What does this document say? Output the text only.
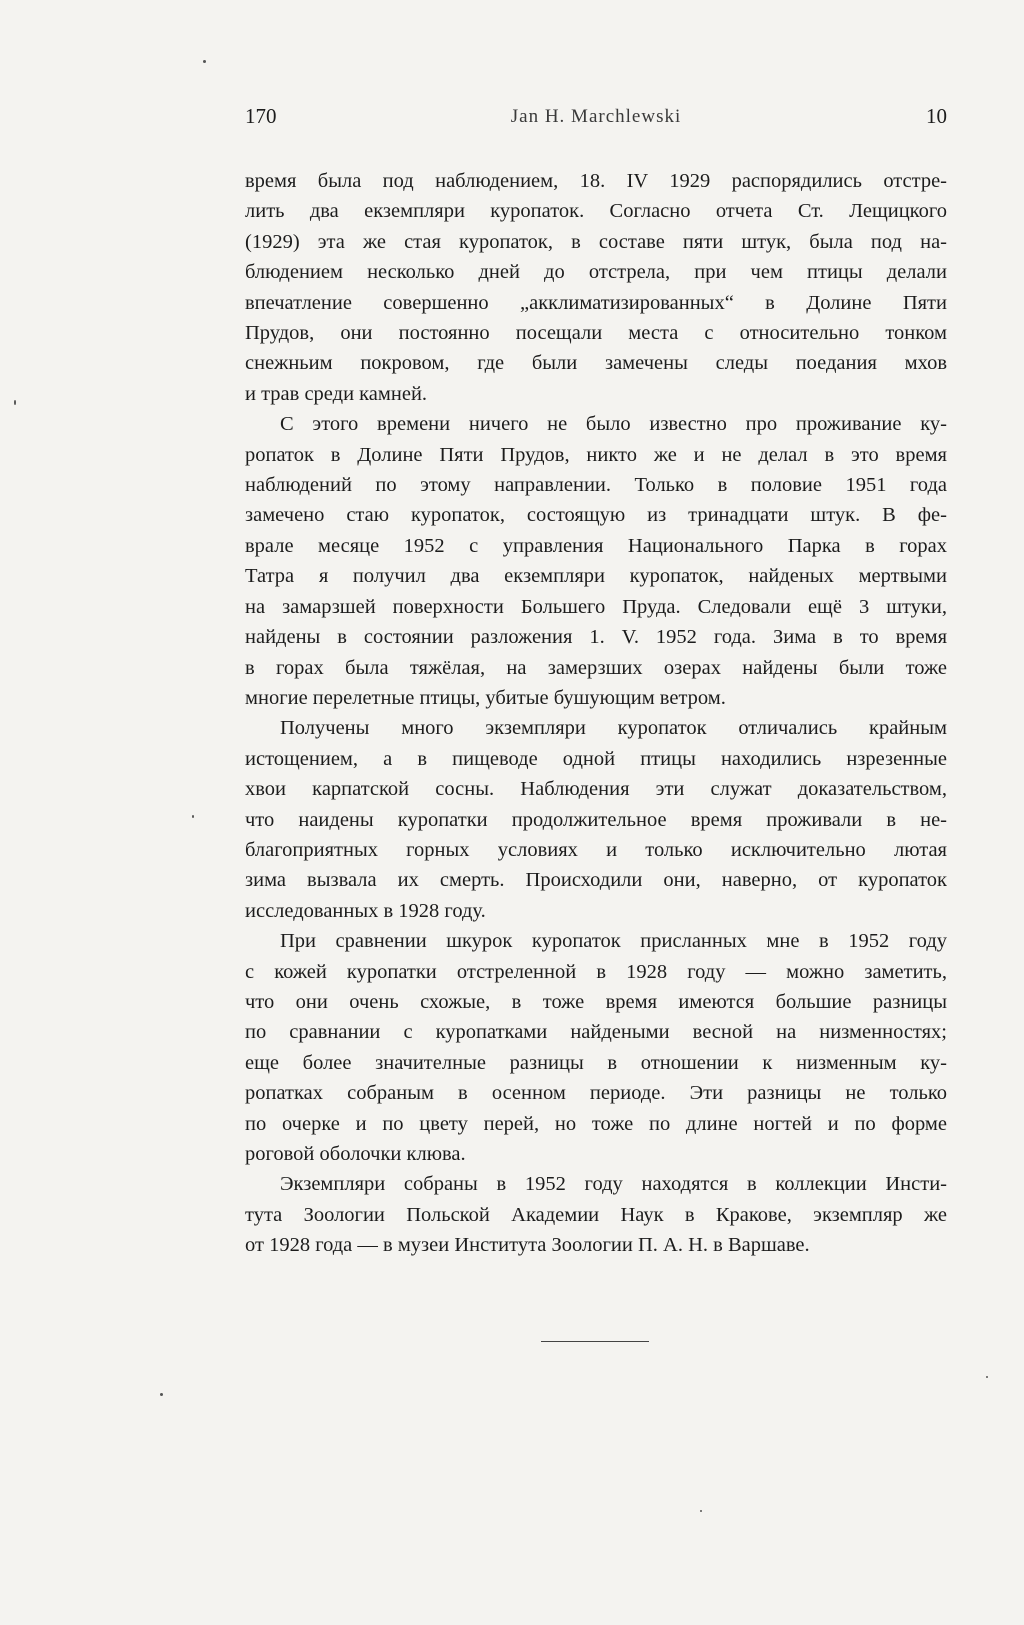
170	Jan H. Marchlewski	10
время была под наблюдением, 18. IV 1929 распорядились отстре-
лить два екземпляри куропаток. Согласно отчета Ст. Лещицкого
(1929) эта же стая куропаток, в составе пяти штук, была под на-
блюдением несколько дней до отстрела, при чем птицы делали
впечатление совершенно „акклиматизированных“ в Долине Пяти
Прудов, они постоянно посещали места с относительно тонком
снежньим покровом, где были замечены следы поедания мхов
и трав среди камней.
С этого времени ничего не было известно про проживание ку-
ропаток в Долине Пяти Прудов, никто же и не делал в это время
наблюдений по этому направлении. Только в половие 1951 года
замечено стаю куропаток, состоящую из тринадцати штук. В фе-
врале месяце 1952 с управления Национального Парка в горах
Татра я получил два екземпляри куропаток, найденых мертвыми
на замарзшей поверхности Большего Пруда. Следовали ещё 3 штуки,
найдены в состоянии разложения 1. V. 1952 года. Зима в то время
в горах была тяжёлая, на замерзших озерах найдены были тоже
многие перелетные птицы, убитые бушующим ветром.
Получены много экземпляри куропаток отличались крайным
истощением, а в пищеводе одной птицы находились нзрезенные
хвои карпатской сосны. Наблюдения эти служат доказательством,
что наидены куропатки продолжительное время проживали в не-
благоприятных горных условиях и только исключительно лютая
зима вызвала их смерть. Происходили они, наверно, от куропаток
исследованных в 1928 году.
При сравнении шкурок куропаток присланных мне в 1952 году
с кожей куропатки отстреленной в 1928 году — можно заметить,
что они очень схожые, в тоже время имеются большие разницы
по сравнании с куропатками найдеными весной на низменностях;
еще более значителные разницы в отношении к низменным ку-
ропатках собраным в осенном периоде. Эти разницы не только
по очерке и по цвету перей, но тоже по длине ногтей и по форме
роговой оболочки клюва.
Экземпляри собраны в 1952 году находятся в коллекции Инсти-
тута Зоологии Польской Академии Наук в Кракове, экземпляр же
от 1928 года — в музеи Института Зоологии П. А. Н. в Варшаве.
